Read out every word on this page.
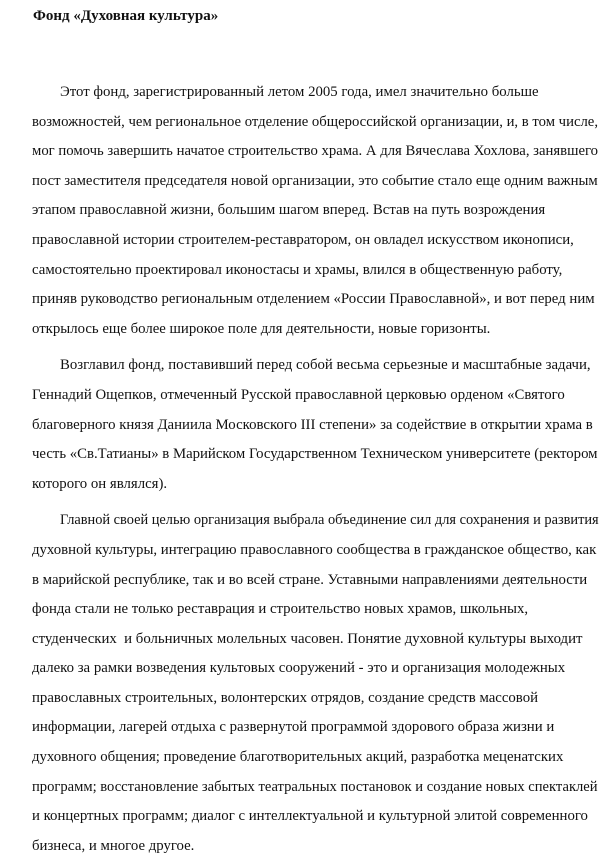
Фонд «Духовная культура»
Этот фонд, зарегистрированный летом 2005 года, имел значительно больше
возможностей, чем региональное отделение общероссийской организации, и, в том числе,
мог помочь завершить начатое строительство храма. А для Вячеслава Хохлова, занявшего
пост заместителя председателя новой организации, это событие стало еще одним важным
этапом православной жизни, большим шагом вперед. Встав на путь возрождения
православной истории строителем-реставратором, он овладел искусством иконописи,
самостоятельно проектировал иконостасы и храмы, влился в общественную работу,
приняв руководство региональным отделением «России Православной», и вот перед ним
открылось еще более широкое поле для деятельности, новые горизонты.
Возглавил фонд, поставивший перед собой весьма серьезные и масштабные задачи,
Геннадий Ощепков, отмеченный Русской православной церковью орденом «Святого
благоверного князя Даниила Московского III степени» за содействие в открытии храма в
честь «Св.Татианы» в Марийском Государственном Техническом университете (ректором
которого он являлся).
Главной своей целью организация выбрала объединение сил для сохранения и развития
духовной культуры, интеграцию православного сообщества в гражданское общество, как
в марийской республике, так и во всей стране. Уставными направлениями деятельности
фонда стали не только реставрация и строительство новых храмов, школьных,
студенческих  и больничных молельных часовен. Понятие духовной культуры выходит
далеко за рамки возведения культовых сооружений - это и организация молодежных
православных строительных, волонтерских отрядов, создание средств массовой
информации, лагерей отдыха с развернутой программой здорового образа жизни и
духовного общения; проведение благотворительных акций, разработка меценатских
программ; восстановление забытых театральных постановок и создание новых спектаклей
и концертных программ; диалог с интеллектуальной и культурной элитой современного
бизнеса, и многое другое.
